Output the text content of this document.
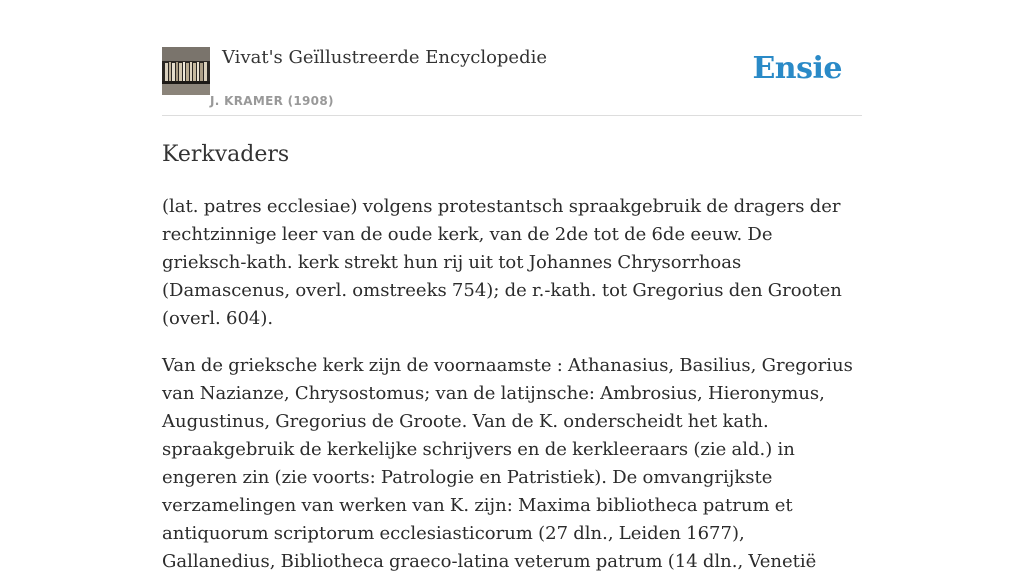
Vivat's Geïllustreerde Encyclopedie
J. KRAMER (1908)
Ensie
Kerkvaders

(lat. patres ecclesiae) volgens protestantsch spraakgebruik de dragers der rechtzinnige leer van de oude kerk, van de 2de tot de 6de eeuw. De grieksch-kath. kerk strekt hun rij uit tot Johannes Chrysorrhoas (Damascenus, overl. omstreeks 754); de r.-kath. tot Gregorius den Grooten (overl. 604).

Van de grieksche kerk zijn de voornaamste : Athanasius, Basilius, Gregorius van Nazianze, Chrysostomus; van de latijnsche: Ambrosius, Hieronymus, Augustinus, Gregorius de Groote. Van de K. onderscheidt het kath. spraakgebruik de kerkelijke schrijvers en de kerkleeraars (zie ald.) in engeren zin (zie voorts: Patrologie en Patristiek). De omvangrijkste verzamelingen van werken van K. zijn: Maxima bibliotheca patrum et antiquorum scriptorum ecclesiasticorum (27 dln., Leiden 1677), Gallanedius, Bibliotheca graeco-latina veterum patrum (14 dln., Venetië
